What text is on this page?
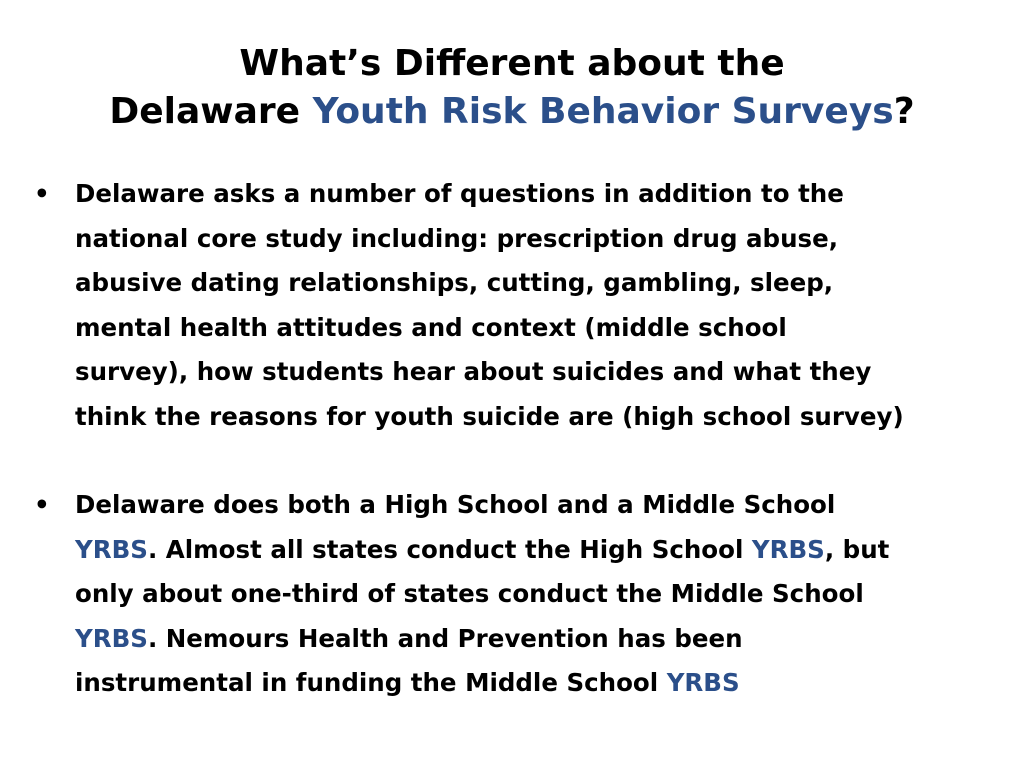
What’s Different about the
Delaware Youth Risk Behavior Surveys?
• Delaware asks a number of questions in addition to the
national core study including: prescription drug abuse,
abusive dating relationships, cutting, gambling, sleep,
mental health attitudes and context (middle school
survey), how students hear about suicides and what they
think the reasons for youth suicide are (high school survey)
• Delaware does both a High School and a Middle School
YRBS. Almost all states conduct the High School YRBS, but
only about one-third of states conduct the Middle School
YRBS. Nemours Health and Prevention has been
instrumental in funding the Middle School YRBS
